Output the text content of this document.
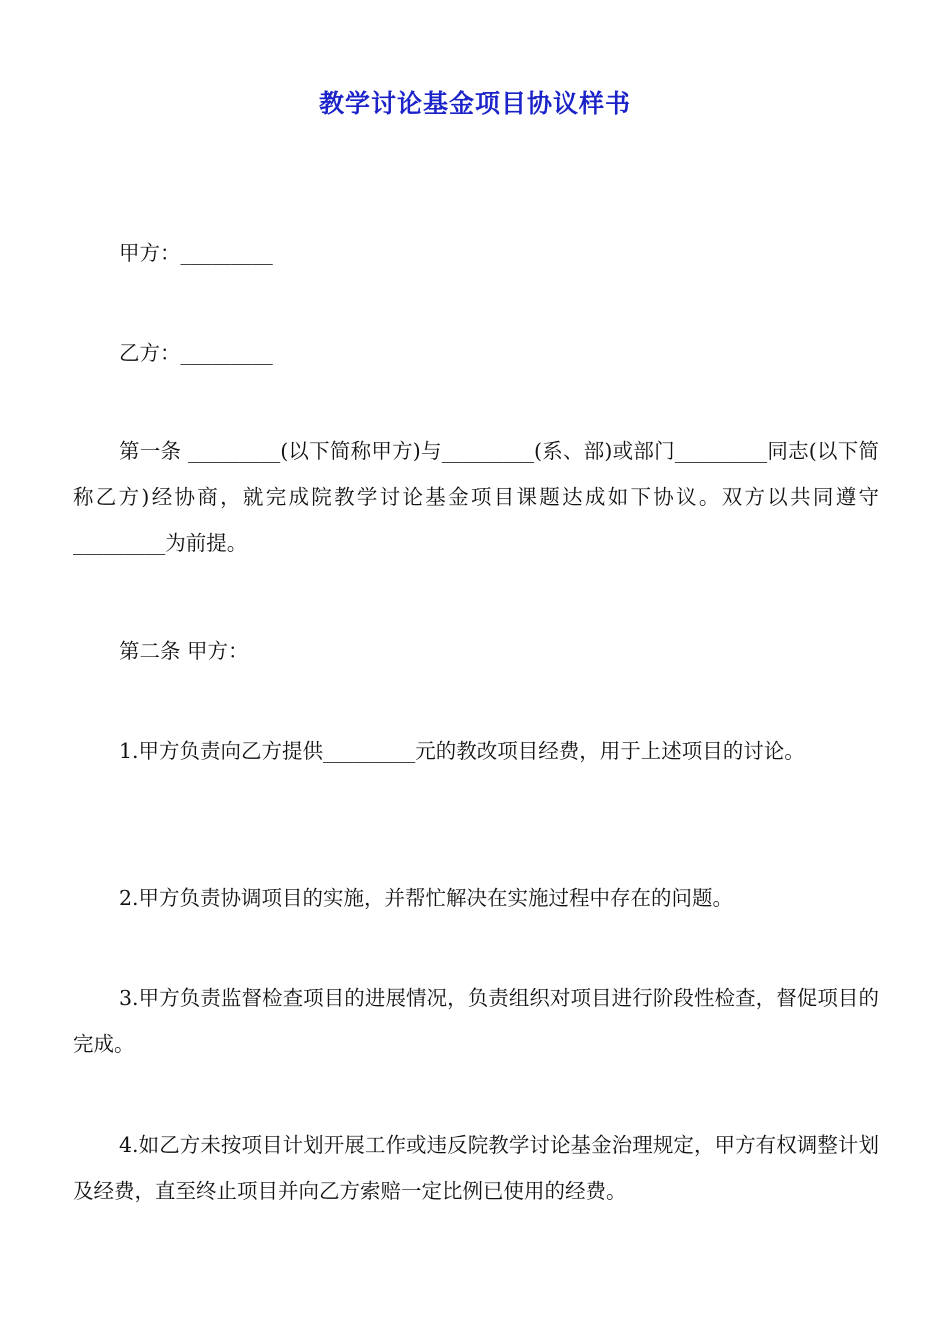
教学讨论基金项目协议样书

甲方：_________

乙方：_________

第一条 _________(以下简称甲方)与_________(系、部)或部门_________同志(以下简称乙方)经协商，就完成院教学讨论基金项目课题达成如下协议。双方以共同遵守_________为前提。

第二条 甲方：

1.甲方负责向乙方提供_________元的教改项目经费，用于上述项目的讨论。

2.甲方负责协调项目的实施，并帮忙解决在实施过程中存在的问题。

3.甲方负责监督检查项目的进展情况，负责组织对项目进行阶段性检查，督促项目的完成。

4.如乙方未按项目计划开展工作或违反院教学讨论基金治理规定，甲方有权调整计划及经费，直至终止项目并向乙方索赔一定比例已使用的经费。
